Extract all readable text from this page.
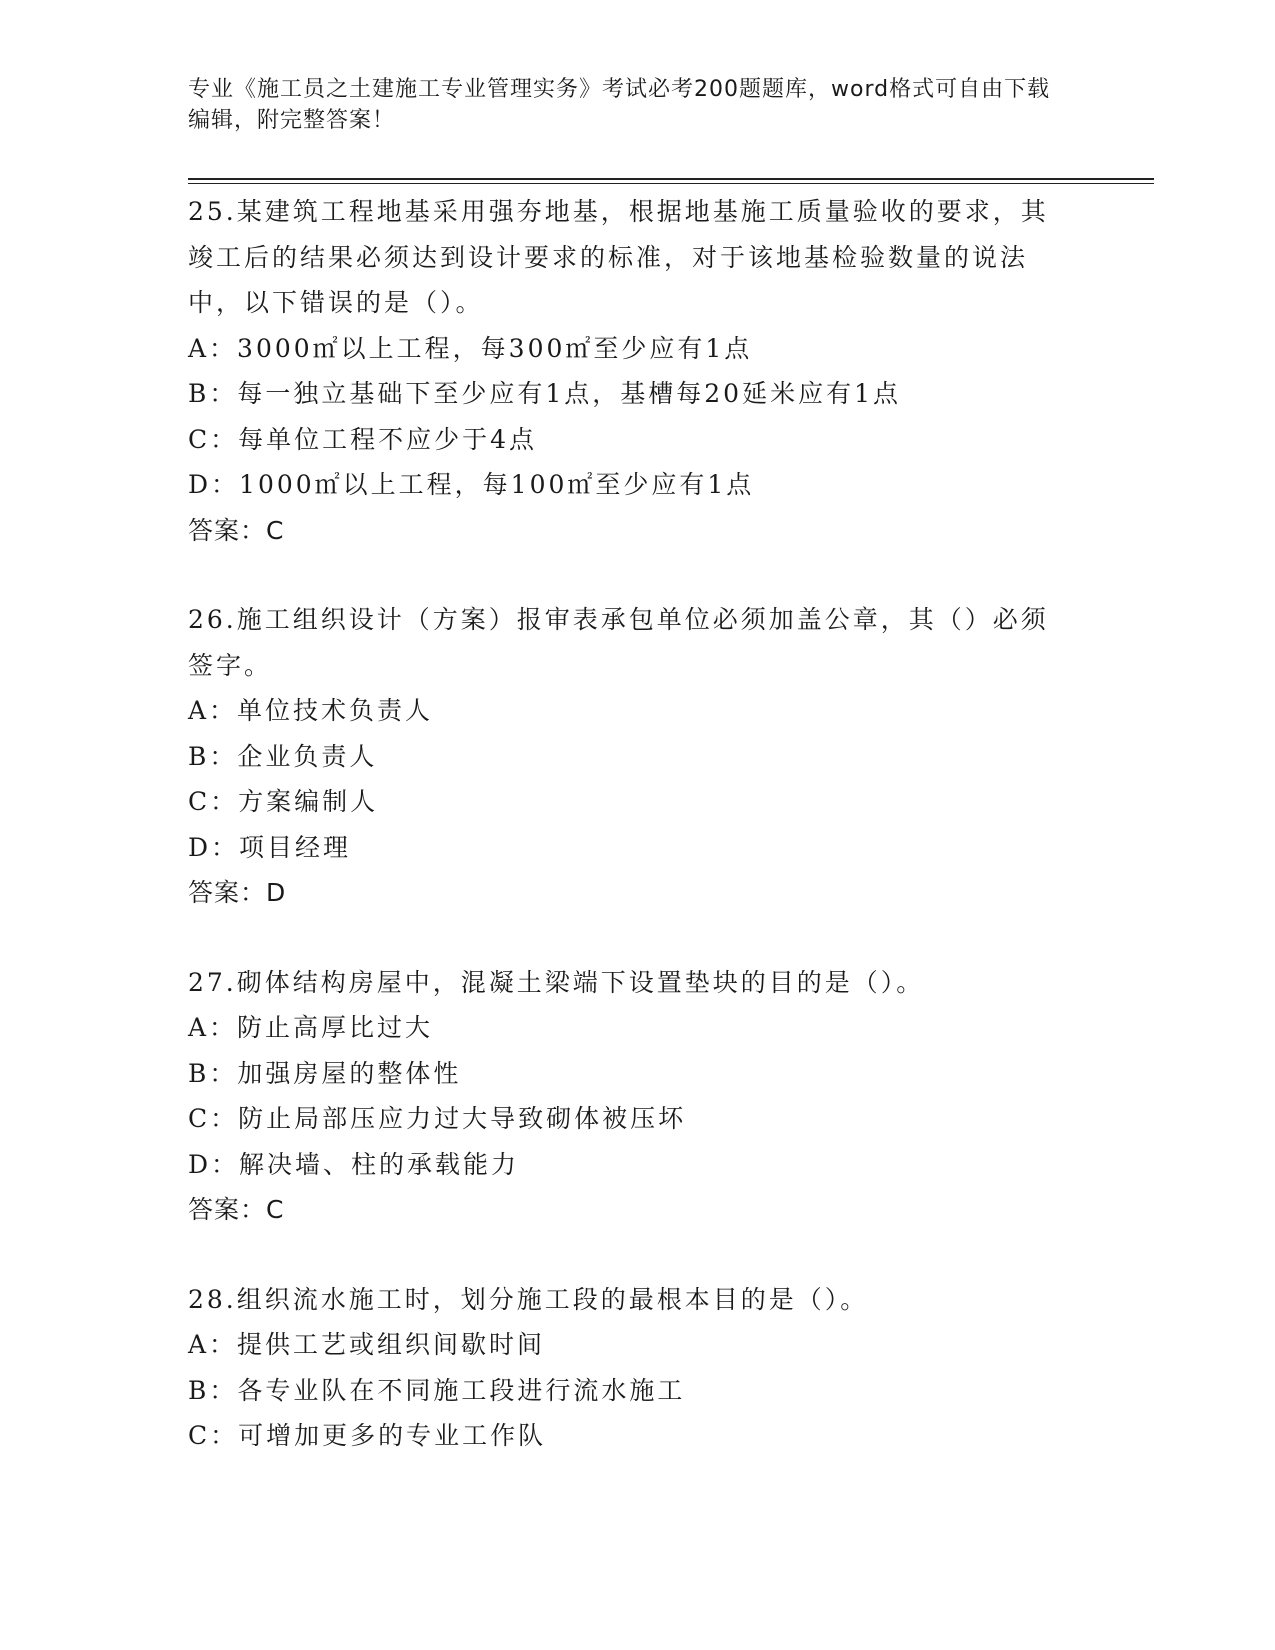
专业《施工员之土建施工专业管理实务》考试必考200题题库，word格式可自由下载编辑，附完整答案！

25.某建筑工程地基采用强夯地基，根据地基施工质量验收的要求，其竣工后的结果必须达到设计要求的标准，对于该地基检验数量的说法中，以下错误的是（）。

A：3000㎡以上工程，每300㎡至少应有1点

B：每一独立基础下至少应有1点，基槽每20延米应有1点

C：每单位工程不应少于4点

D：1000㎡以上工程，每100㎡至少应有1点

答案：C

26.施工组织设计（方案）报审表承包单位必须加盖公章，其（）必须签字。

A：单位技术负责人

B：企业负责人

C：方案编制人

D：项目经理

答案：D

27.砌体结构房屋中，混凝土梁端下设置垫块的目的是（）。

A：防止高厚比过大

B：加强房屋的整体性

C：防止局部压应力过大导致砌体被压坏

D：解决墙、柱的承载能力

答案：C

28.组织流水施工时，划分施工段的最根本目的是（）。

A：提供工艺或组织间歇时间

B：各专业队在不同施工段进行流水施工

C：可增加更多的专业工作队
